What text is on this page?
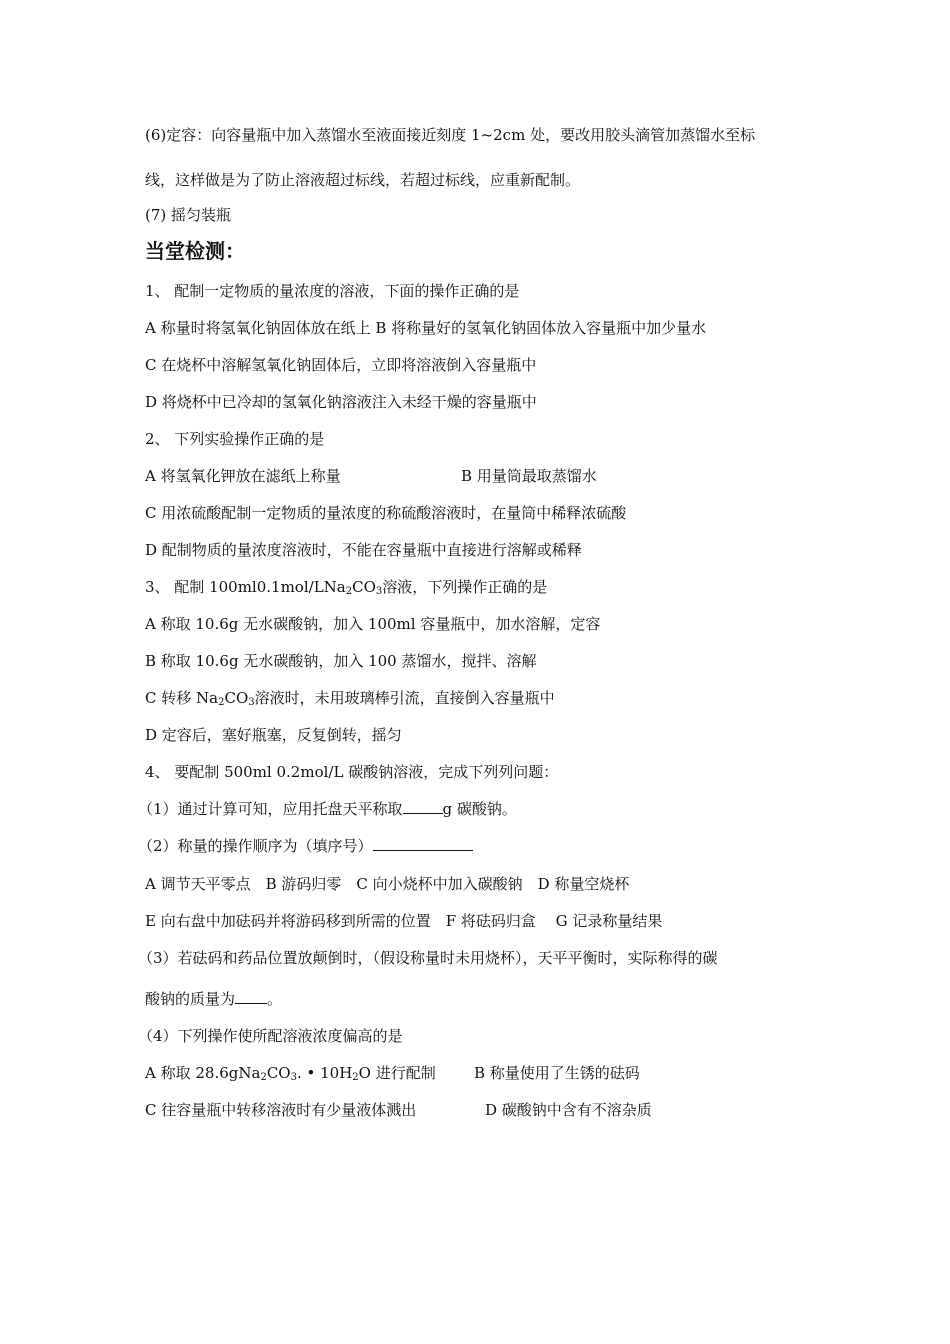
(6)定容：向容量瓶中加入蒸馏水至液面接近刻度 1~2cm 处，要改用胶头滴管加蒸馏水至标
线，这样做是为了防止溶液超过标线，若超过标线，应重新配制。
(7) 摇匀装瓶
当堂检测：
1、 配制一定物质的量浓度的溶液，下面的操作正确的是
A 称量时将氢氧化钠固体放在纸上 B 将称量好的氢氧化钠固体放入容量瓶中加少量水
C 在烧杯中溶解氢氧化钠固体后，立即将溶液倒入容量瓶中
D 将烧杯中已冷却的氢氧化钠溶液注入未经干燥的容量瓶中
2、 下列实验操作正确的是
A 将氢氧化钾放在滤纸上称量	B 用量筒最取蒸馏水
C 用浓硫酸配制一定物质的量浓度的称硫酸溶液时，在量筒中稀释浓硫酸
D 配制物质的量浓度溶液时，不能在容量瓶中直接进行溶解或稀释
3、 配制 $100ml0.1mol/LNa_2CO_3$溶液，下列操作正确的是
A 称取 10.6g 无水碳酸钠，加入 100ml 容量瓶中，加水溶解，定容
B 称取 10.6g 无水碳酸钠，加入 100 蒸馏水，搅拌、溶解
C 转移 $Na_2CO_3$溶液时，未用玻璃棒引流，直接倒入容量瓶中
D 定容后，塞好瓶塞，反复倒转，摇匀
4、 要配制 500ml 0.2mol/L 碳酸钠溶液，完成下列列问题：
（1）通过计算可知，应用托盘天平称取	g 碳酸钠。
（2）称量的操作顺序为（填序号）
A 调节天平零点　B 游码归零　C 向小烧杯中加入碳酸钠　D 称量空烧杯
E 向右盘中加砝码并将游码移到所需的位置　F 将砝码归盒　 G 记录称量结果
（3）若砝码和药品位置放颠倒时，（假设称量时未用烧杯），天平平衡时，实际称得的碳
酸钠的质量为 。
（4）下列操作使所配溶液浓度偏高的是
A 称取 $28.6gNa_2CO_3$. • $10H_2O$ 进行配制	B 称量使用了生锈的砝码
C 往容量瓶中转移溶液时有少量液体溅出	D 碳酸钠中含有不溶杂质
